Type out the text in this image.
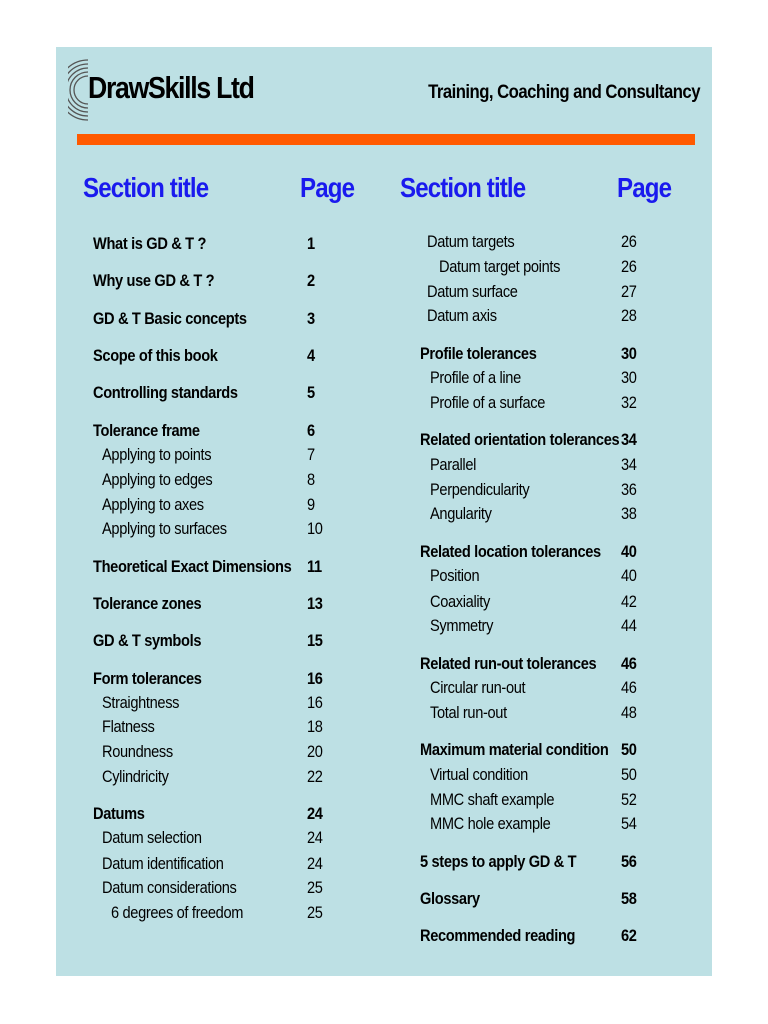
DrawSkills Ltd	Training, Coaching and Consultancy
Section title	Page Section title	Page
What is GD & T ?	1
Why use GD & T ?	2
GD & T Basic concepts	3
Scope of this book	4
Controlling standards	5
Tolerance frame	6
Applying to points	7
Applying to edges	8
Applying to axes	9
Applying to surfaces	10
Theoretical Exact Dimensions 11
Tolerance zones	13
GD & T symbols	15
Form tolerances	16
Straightness	16
Flatness	18
Roundness	20
Cylindricity	22
Datums	24
Datum selection	24
Datum identification	24
Datum considerations	25
6 degrees of freedom	25
Datum targets	26
Datum target points	26
Datum surface	27
Datum axis	28
Profile tolerances	30
Profile of a line	30
Profile of a surface	32
Related orientation tolerances 34
Parallel	34
Perpendicularity	36
Angularity	38
Related location tolerances 40
Position	40
Coaxiality	42
Symmetry	44
Related run-out tolerances 46
Circular run-out	46
Total run-out	48
Maximum material condition 50
Virtual condition	50
MMC shaft example	52
MMC hole example	54
5 steps to apply GD & T	56
Glossary	58
Recommended reading	62
